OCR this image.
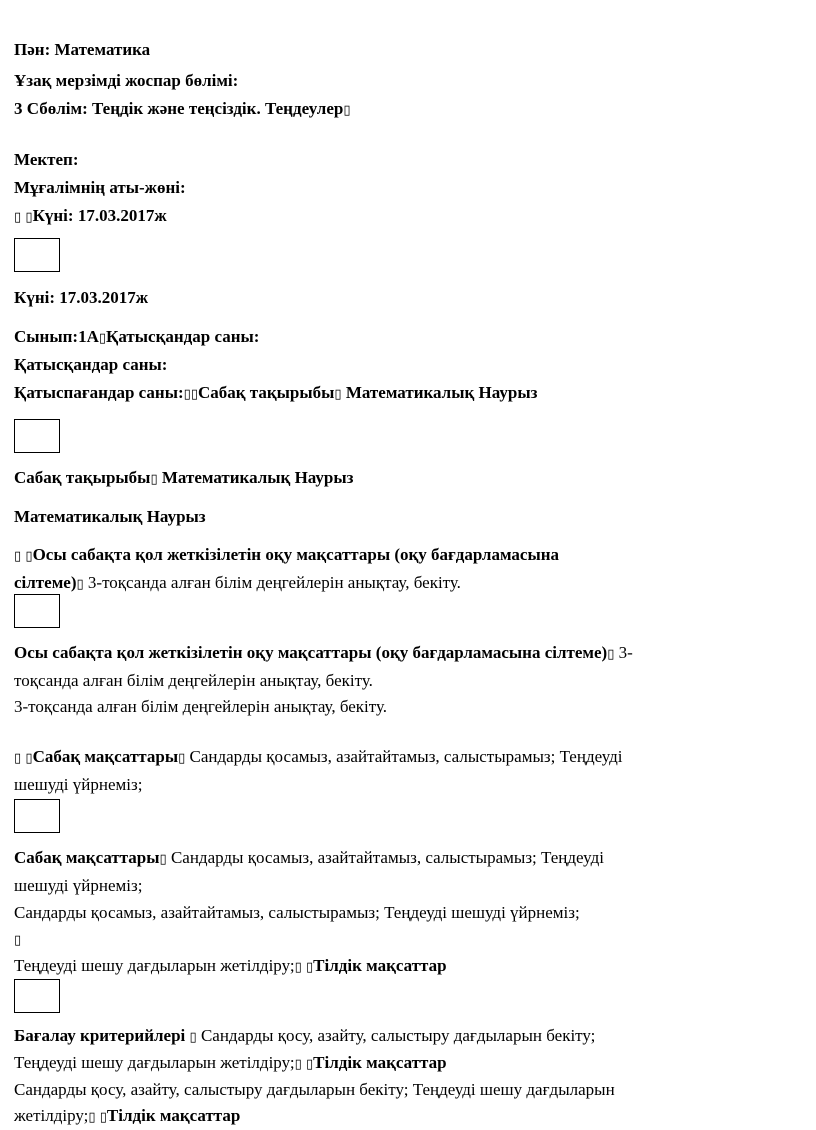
Пән: Математика
Ұзақ мерзімді жоспар бөлімі:
3 Сбөлім: Теңдік және теңсіздік. Теңдеулер▯
Мектеп:
Мұғалімнің аты-жөні:
▯ ▯Күні: 17.03.2017ж
Күні: 17.03.2017ж
Сынып:1А▯Қатысқандар саны:
Қатысқандар саны:
Қатыспағандар саны:▯▯Сабақ тақырыбы▯ Математикалық Наурыз
Сабақ тақырыбы▯ Математикалық Наурыз
Математикалық Наурыз
▯ ▯Осы сабақта қол жеткізілетін оқу мақсаттары (оқу бағдарламасына
сілтеме)▯ 3-тоқсанда алған білім деңгейлерін анықтау, бекіту.
Осы сабақта қол жеткізілетін оқу мақсаттары (оқу бағдарламасына сілтеме)▯ 3-
тоқсанда алған білім деңгейлерін анықтау, бекіту.
3-тоқсанда алған білім деңгейлерін анықтау, бекіту.
▯ ▯Сабақ мақсаттары▯ Сандарды қосамыз, азайтайтамыз, салыстырамыз; Теңдеуді
шешуді үйрнеміз;
Сабақ мақсаттары▯ Сандарды қосамыз, азайтайтамыз, салыстырамыз; Теңдеуді
шешуді үйрнеміз;
Сандарды қосамыз, азайтайтамыз, салыстырамыз; Теңдеуді шешуді үйрнеміз;
▯
Теңдеуді шешу дағдыларын жетілдіру;▯ ▯Тілдік мақсаттар
Бағалау критерийлері ▯ Сандарды қосу, азайту, салыстыру дағдыларын бекіту;
Теңдеуді шешу дағдыларын жетілдіру;▯ ▯Тілдік мақсаттар
Сандарды қосу, азайту, салыстыру дағдыларын бекіту; Теңдеуді шешу дағдыларын
жетілдіру;▯ ▯Тілдік мақсаттар
